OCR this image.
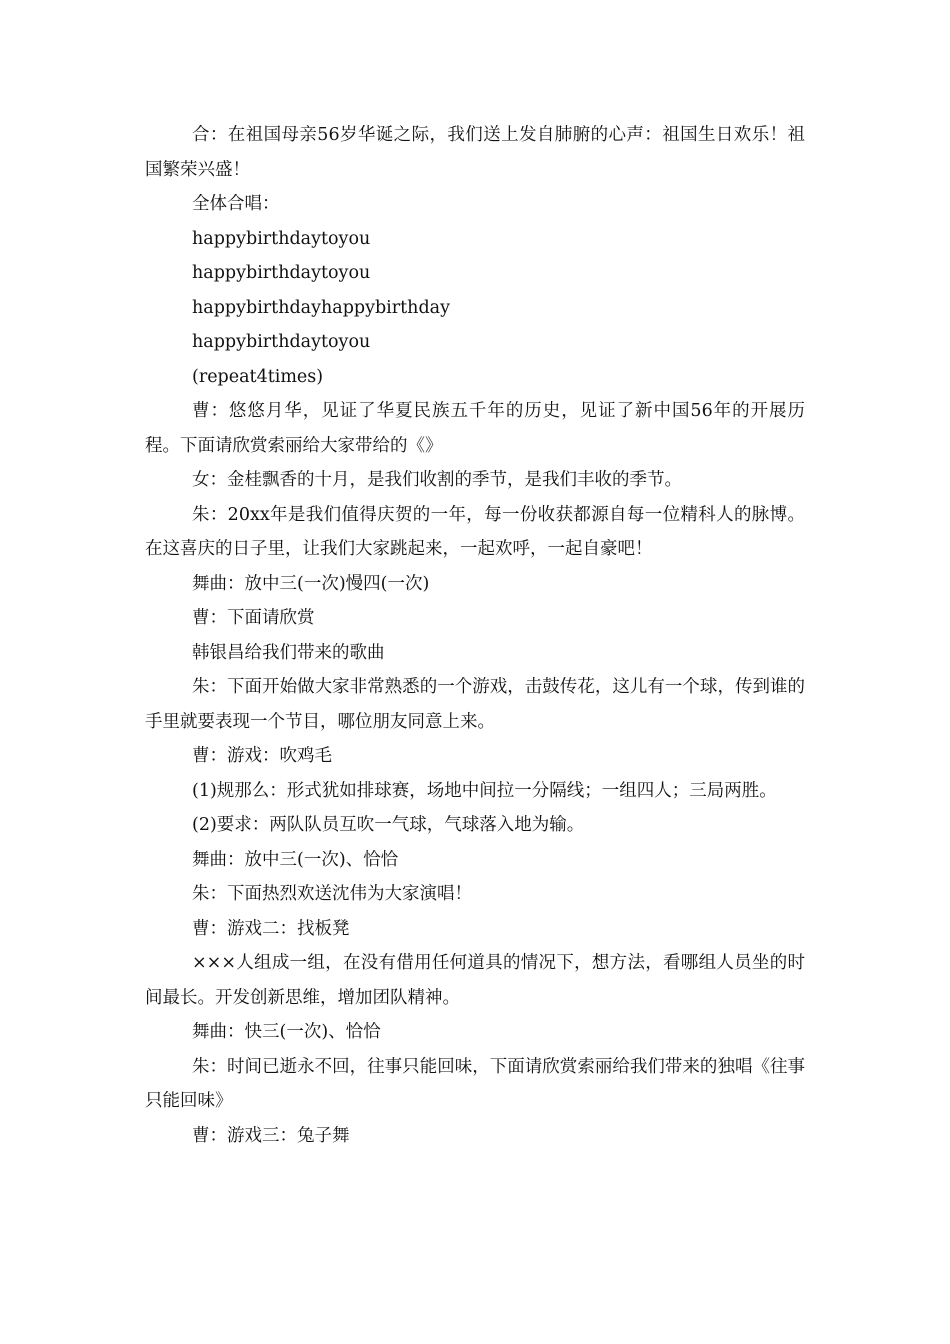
合：在祖国母亲56岁华诞之际，我们送上发自肺腑的心声：祖国生日欢乐！祖国繁荣兴盛！

全体合唱：

happybirthdaytoyou

happybirthdaytoyou

happybirthdayhappybirthday

happybirthdaytoyou

(repeat4times)

曹：悠悠月华，见证了华夏民族五千年的历史，见证了新中国56年的开展历程。下面请欣赏索丽给大家带给的《》

女：金桂飘香的十月，是我们收割的季节，是我们丰收的季节。

朱：20xx年是我们值得庆贺的一年，每一份收获都源自每一位精科人的脉博。在这喜庆的日子里，让我们大家跳起来，一起欢呼，一起自豪吧！

舞曲：放中三(一次)慢四(一次)

曹：下面请欣赏

韩银昌给我们带来的歌曲

朱：下面开始做大家非常熟悉的一个游戏，击鼓传花，这儿有一个球，传到谁的手里就要表现一个节目，哪位朋友同意上来。

曹：游戏：吹鸡毛

(1)规那么：形式犹如排球赛，场地中间拉一分隔线；一组四人；三局两胜。

(2)要求：两队队员互吹一气球，气球落入地为输。

舞曲：放中三(一次)、恰恰

朱：下面热烈欢送沈伟为大家演唱！

曹：游戏二：找板凳

×××人组成一组，在没有借用任何道具的情况下，想方法，看哪组人员坐的时间最长。开发创新思维，增加团队精神。

舞曲：快三(一次)、恰恰

朱：时间已逝永不回，往事只能回味，下面请欣赏索丽给我们带来的独唱《往事只能回味》

曹：游戏三：兔子舞
